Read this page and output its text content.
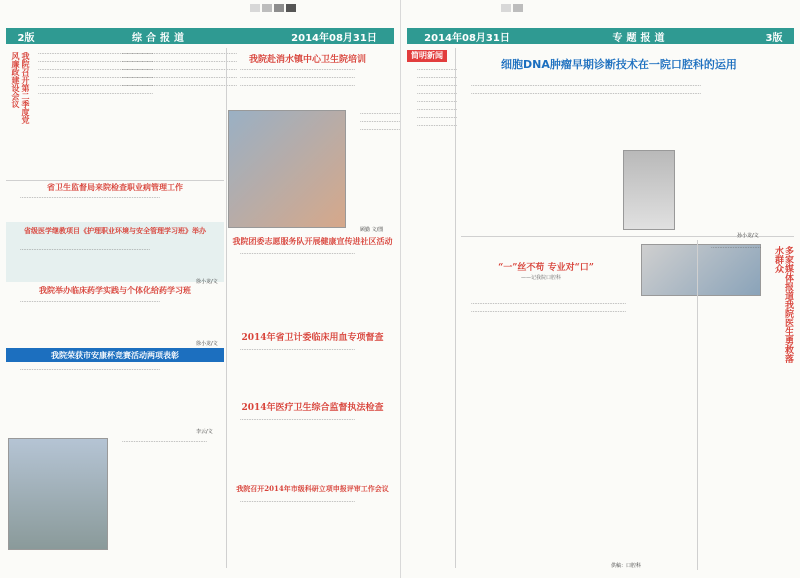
2版	综合报道	2014年08月31日
我院召开第二季度党风廉政建设会议	……………………………………………………………

……………………………………………………………

……………………………………………………………

……………………………………………………………

……………………………………………………………

……………………………………………………………

……………………………………………………………

……………………………………………………………

……………………………………………………………

……………………………………………………………

……………………………………………………………

我院赴消水镇中心卫生院培训

……………………………………………………………

……………………………………………………………

……………………………………………………………

……………………

……………………

……………………

顾勤 文/图
省卫生监督局来院检查职业病管理工作

…………………………………………………………………………

省级医学继教项目《护理职业环境与安全管理学习班》举办

……………………………………………………………………

徐小龙/文
我院举办临床药学实践与个体化给药学习班

…………………………………………………………………………

徐小龙/文
我院荣获市安康杯竞赛活动两项表彰

…………………………………………………………………………

李云/文

……………………………………………

我院团委志愿服务队开展健康宣传进社区活动

……………………………………………………………

2014年省卫计委临床用血专项督查

……………………………………………………………

2014年医疗卫生综合监督执法检查

……………………………………………………………

我院召开2014年市级科研立项申报评审工作会议

……………………………………………………………

2014年08月31日	专题报道	3版
简明新闻

……………………

……………………

……………………

……………………

……………………

……………………

……………………

……………………

细胞DNA肿瘤早期诊断技术在一院口腔科的运用

…………………………………………………………………………………………………………………………

…………………………………………………………………………………………………………………………

“一”丝不苟 专业对“口”
——记我院口腔科

…………………………………………………………………………………

…………………………………………………………………………………

供稿：口腔科

…………………………	多家媒体报道我院医生勇救落水群众
孙小龙/文
